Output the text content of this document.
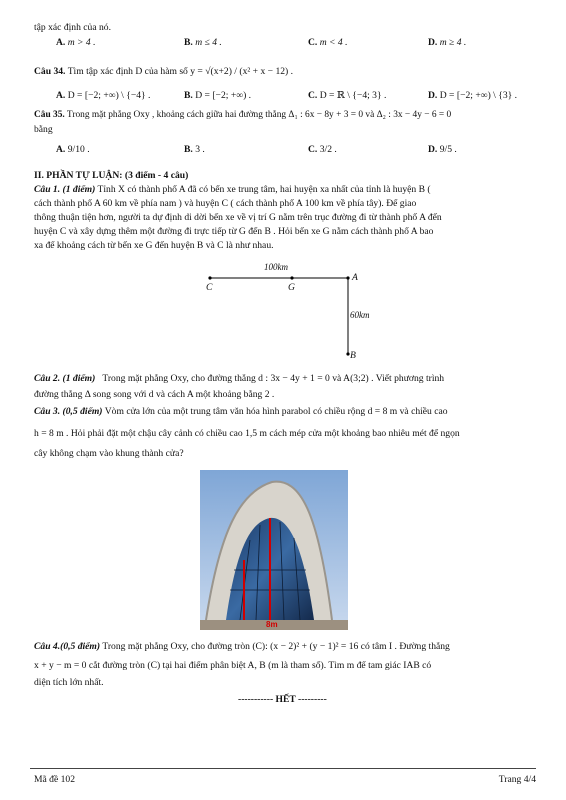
tập xác định của nó.
A. m > 4 .	B. m ≤ 4 .	C. m < 4 .	D. m ≥ 4 .
Câu 34. Tìm tập xác định D của hàm số y = √(x+2) / (x² + x − 12) .
A. D = [−2; +∞) \ {−4} .	B. D = [−2; +∞) .	C. D = ℝ \ {−4; 3} .	D. D = [−2; +∞) \ {3} .
Câu 35. Trong mặt phẳng Oxy , khoảng cách giữa hai đường thẳng Δ₁ : 6x − 8y + 3 = 0 và Δ₂ : 3x − 4y − 6 = 0
bằng
A. 9/10 .	B. 3 .	C. 3/2 .	D. 9/5 .
II. PHẦN TỰ LUẬN: (3 điểm - 4 câu)
Câu 1. (1 điểm) Tỉnh X có thành phố A đã có bến xe trung tâm, hai huyện xa nhất của tỉnh là huyện B (
cách thành phố A 60 km về phía nam ) và huyện C ( cách thành phố A 100 km về phía tây). Để giao
thông thuận tiện hơn, người ta dự định di dời bến xe về vị trí G nằm trên trục đường đi từ thành phố A đến
huyện C và xây dựng thêm một đường đi trực tiếp từ G đến B . Hỏi bến xe G nằm cách thành phố A bao
xa để khoảng cách từ bến xe G đến huyện B và C là như nhau.
100km
C	G
A
60km
B
Câu 2. (1 điểm) Trong mặt phẳng Oxy, cho đường thẳng d : 3x − 4y + 1 = 0 và A(3;2) . Viết phương trình
đường thẳng Δ song song với d và cách A một khoảng bằng 2 .
Câu 3. (0,5 điểm) Vòm cửa lớn của một trung tâm văn hóa hình parabol có chiều rộng d = 8 m và chiều cao
h = 8 m . Hỏi phải đặt một chậu cây cảnh có chiều cao 1,5 m cách mép cửa một khoảng bao nhiêu mét để ngọn
cây không chạm vào khung thành cửa?
8m
Câu 4.(0,5 điểm) Trong mặt phẳng Oxy, cho đường tròn (C): (x − 2)² + (y − 1)² = 16 có tâm I . Đường thẳng
x + y − m = 0 cắt đường tròn (C) tại hai điểm phân biệt A, B (m là tham số). Tìm m để tam giác IAB có
diện tích lớn nhất.
----------- HẾT ---------
Mã đề 102	Trang 4/4
